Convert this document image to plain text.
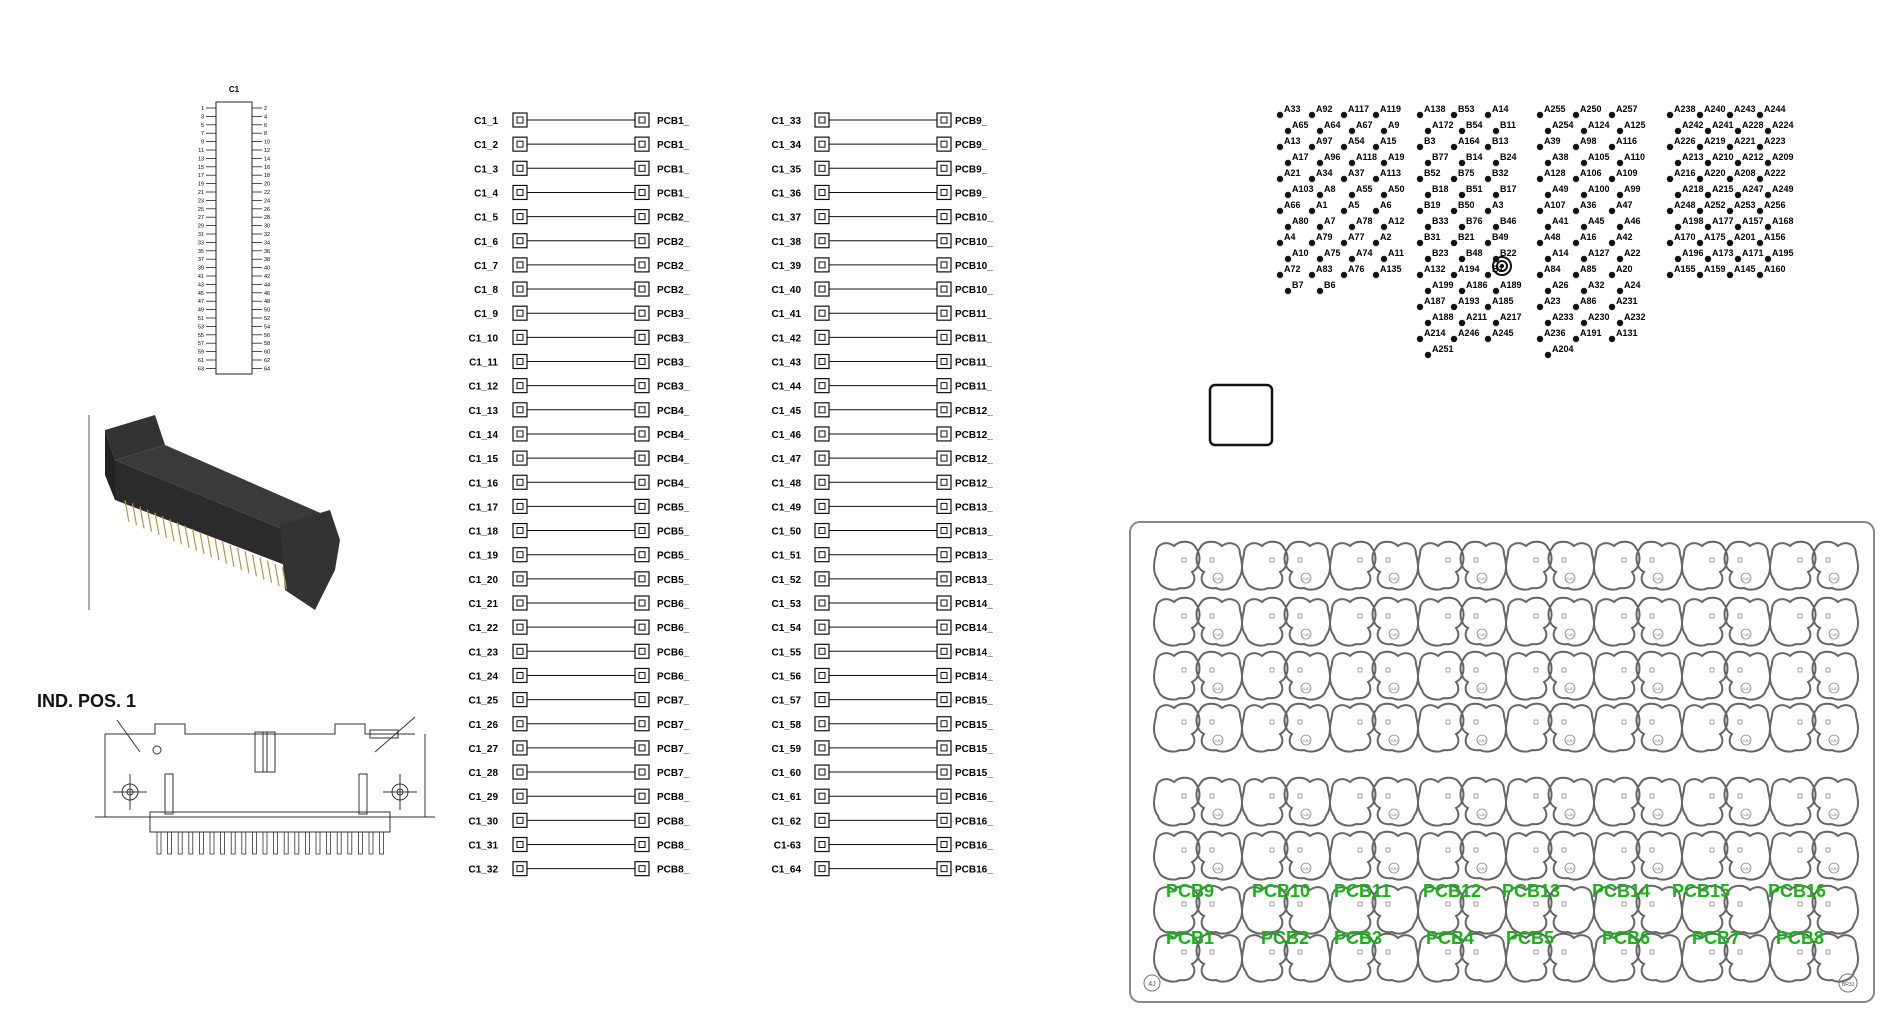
C1
1	2
3	4
5	6
7	8
9	10
11	12
13	14
15	16
17	18
19	20
21	22
23	24
25	26
27	28
29	30
31	32
33	34
35	36
37	38
39	40
41	42
43	44
45	46
47	48
49	50
51	52
53	54
55	56
57	58
59	60
61	62
63	64
IND. POS. 1
C1_1	PCB1_
C1_2	PCB1_
C1_3	PCB1_
C1_4	PCB1_
C1_5	PCB2_
C1_6	PCB2_
C1_7	PCB2_
C1_8	PCB2_
C1_9	PCB3_
C1_10	PCB3_
C1_11	PCB3_
C1_12	PCB3_
C1_13	PCB4_
C1_14	PCB4_
C1_15	PCB4_
C1_16	PCB4_
C1_17	PCB5_
C1_18	PCB5_
C1_19	PCB5_
C1_20	PCB5_
C1_21	PCB6_
C1_22	PCB6_
C1_23	PCB6_
C1_24	PCB6_
C1_25	PCB7_
C1_26	PCB7_
C1_27	PCB7_
C1_28	PCB7_
C1_29	PCB8_
C1_30	PCB8_
C1_31	PCB8_
C1_32	PCB8_
C1_33	PCB9_
C1_34	PCB9_
C1_35	PCB9_
C1_36	PCB9_
C1_37	PCB10_
C1_38	PCB10_
C1_39	PCB10_
C1_40	PCB10_
C1_41	PCB11_
C1_42	PCB11_
C1_43	PCB11_
C1_44	PCB11_
C1_45	PCB12_
C1_46	PCB12_
C1_47	PCB12_
C1_48	PCB12_
C1_49	PCB13_
C1_50	PCB13_
C1_51	PCB13_
C1_52	PCB13_
C1_53	PCB14_
C1_54	PCB14_
C1_55	PCB14_
C1_56	PCB14_
C1_57	PCB15_
C1_58	PCB15_
C1_59	PCB15_
C1_60	PCB15_
C1_61	PCB16_
C1_62	PCB16_
C1-63	PCB16_
C1_64	PCB16_
A33 A92 A117 A119
A65 A64 A67 A9
A13 A97 A54 A15
A17 A96 A118 A19
A21 A34 A37 A113
A103 A8 A55 A50
A66 A1 A5 A6
A80 A7 A78 A12
A4 A79 A77 A2
A10 A75 A74 A11
A72 A83 A76 A135
B7 B6
A138 B53 A14
A172 B54 B11
B3 A164 B13
B77 B14 B24
B52 B75 B32
B18 B51 B17
B19 B50 A3
B33 B76 B46
B31 B21 B49
B23 B48 B22
A132 A194 B1
A199 A186 A189
A187 A193 A185
A188 A211 A217
A214 A246 A245
A251
A255 A250 A257
A254 A124 A125
A39 A98 A116
A38 A105 A110
A128 A106 A109
A49 A100 A99
A107 A36 A47
A41 A45 A46
A48 A16 A42
A14 A127 A22
A84 A85 A20
A26 A32 A24
A23 A86 A231
A233 A230 A232
A236 A191 A131
A204
A238 A240 A243 A244
A242 A241 A228 A224
A226 A219 A221 A223
A213 A210 A212 A209
A216 A220 A208 A222
A218 A215 A247 A249
A248 A252 A253 A256
A198 A177 A157 A168
A170 A175 A201 A156
A196 A173 A171 A195
A155 A159 A145 A160
(LA)	(LA)	(LA)	(LA)	(LA)	(LA)	(LA)	(LA)
(LA)	(LA)	(LA)	(LA)	(LA)	(LA)	(LA)	(LA)
(LA)	(LA)	(LA)	(LA)	(LA)	(LA)	(LA)	(LA)
(LA)	(LA)	(LA)	(LA)	(LA)	(LA)	(LA)	(LA)
(LA)	(LA)	(LA)	(LA)	(LA)	(LA)	(LA)	(LA)
(LA)	(LA)	(LA)	(LA)	(LA)	(LA)	(LA)	(LA)
PCB9 PCB10 PCB11 PCB12 PCB13 PCB14 PCB15 PCB16
PCB1	PCB2 PCB3 PCB4 PCB5	PCB6 PCB7 PCB8
4J	BR3J
